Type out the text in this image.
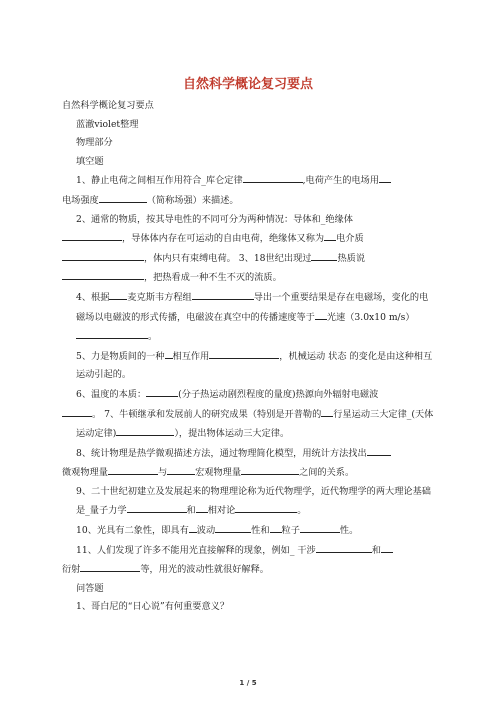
自然科学概论复习要点

自然科学概论复习要点

蓝澈violet整理

物理部分

填空题

1、静止电荷之间相互作用符合_库仑定律	,电荷产生的电场用
电场强度	（简称场强）来描述。

2、通常的物质，按其导电性的不同可分为两种情况：导体和_绝缘体
，导体体内存在可运动的自由电荷，绝缘体又称为 电介质
，体内只有束缚电荷。 3、18世纪出现过	热质说
，把热看成一种不生不灭的流质。

4、根据 麦克斯韦方程组	导出一个重要结果是存在电磁场，变化的电磁场以电磁波的形式传播，电磁波在真空中的传播速度等于 光速（3.0x10 m/s）。

5、力是物质间的一种 相互作用	，机械运动 状态 的变化是由这种相互运动引起的。

6、温度的本质：	(分子热运动剧烈程度的量度)热源向外辐射电磁波
。 7、牛顿继承和发展前人的研究成果（特别是开普勒的 行星运动三大定律_(天体运动定律)	），提出物体运动三大定律。

8、统计物理是热学微观描述方法，通过物理简化模型，用统计方法找出
微观物理量	与	宏观物理量	之间的关系。

9、二十世纪初建立及发展起来的物理理论称为近代物理学，近代物理学的两大理论基础是_量子力学	和 相对论	。

10、光具有二象性，即具有 波动	性和 粒子	性。

11、人们发现了许多不能用光直接解释的现象，例如_ 干涉	和
衍射	等，用光的波动性就很好解释。

问答题

1、哥白尼的“日心说”有何重要意义？

1 / 5
